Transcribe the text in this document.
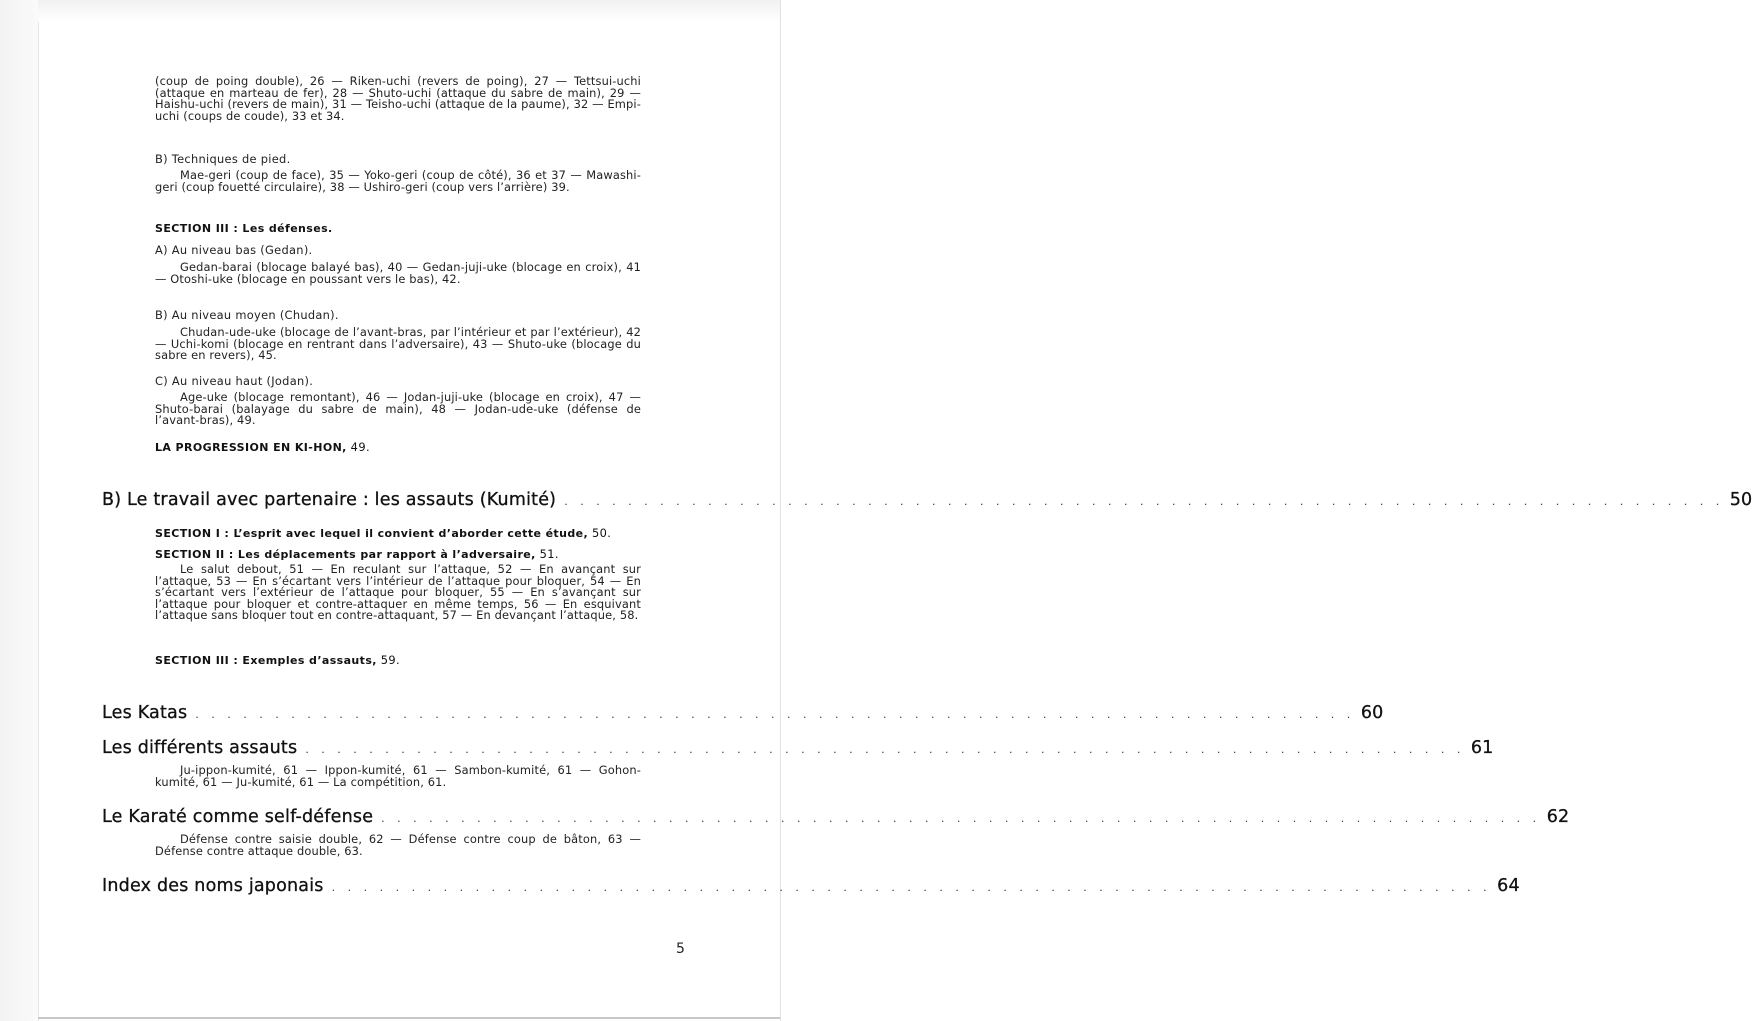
(coup de poing double), 26 — Riken-uchi (revers de poing), 27 — Tettsui-uchi (attaque en marteau de fer), 28 — Shuto-uchi (attaque du sabre de main), 29 — Haishu-uchi (revers de main), 31 — Teisho-uchi (attaque de la paume), 32 — Empi-uchi (coups de coude), 33 et 34.
B) Techniques de pied.
Mae-geri (coup de face), 35 — Yoko-geri (coup de côté), 36 et 37 — Mawashi-geri (coup fouetté circulaire), 38 — Ushiro-geri (coup vers l’arrière) 39.
SECTION III : Les défenses.
A) Au niveau bas (Gedan).
Gedan-barai (blocage balayé bas), 40 — Gedan-juji-uke (blocage en croix), 41 — Otoshi-uke (blocage en poussant vers le bas), 42.
B) Au niveau moyen (Chudan).
Chudan-ude-uke (blocage de l’avant-bras, par l’intérieur et par l’extérieur), 42 — Uchi-komi (blocage en rentrant dans l’adversaire), 43 — Shuto-uke (blocage du sabre en revers), 45.
C) Au niveau haut (Jodan).
Age-uke (blocage remontant), 46 — Jodan-juji-uke (blocage en croix), 47 — Shuto-barai (balayage du sabre de main), 48 — Jodan-ude-uke (défense de l’avant-bras), 49.
LA PROGRESSION EN KI-HON, 49.
B) Le travail avec partenaire : les assauts (Kumité) . . . . . . . . . . . . . . . . . . . . . . . . . . . . . . . . . . . . . . . . . . . . . . . . . . . . . . . . . . . . . . . . . . . . . . . . . 50
SECTION I : L’esprit avec lequel il convient d’aborder cette étude, 50.
SECTION II : Les déplacements par rapport à l’adversaire, 51.
Le salut debout, 51 — En reculant sur l’attaque, 52 — En avançant sur l’attaque, 53 — En s’écartant vers l’intérieur de l’attaque pour bloquer, 54 — En s’écartant vers l’extérieur de l’attaque pour bloquer, 55 — En s’avançant sur l’attaque pour bloquer et contre-attaquer en même temps, 56 — En esquivant l’attaque sans bloquer tout en contre-attaquant, 57 — En devançant l’attaque, 58.
SECTION III : Exemples d’assauts, 59.
Les Katas . . . . . . . . . . . . . . . . . . . . . . . . . . . . . . . . . . . . . . . . . . . . . . . . . . . . . . . . . . . . . . . . . . . . . . . . . 60
Les différents assauts . . . . . . . . . . . . . . . . . . . . . . . . . . . . . . . . . . . . . . . . . . . . . . . . . . . . . . . . . . . . . . . . . . . . . . . . . 61
Ju-ippon-kumité, 61 — Ippon-kumité, 61 — Sambon-kumité, 61 — Gohon-kumité, 61 — Ju-kumité, 61 — La compétition, 61.
Le Karaté comme self-défense . . . . . . . . . . . . . . . . . . . . . . . . . . . . . . . . . . . . . . . . . . . . . . . . . . . . . . . . . . . . . . . . . . . . . . . . . 62
Défense contre saisie double, 62 — Défense contre coup de bâton, 63 — Défense contre attaque double, 63.
Index des noms japonais . . . . . . . . . . . . . . . . . . . . . . . . . . . . . . . . . . . . . . . . . . . . . . . . . . . . . . . . . . . . . . . . . . . . . . . . . 64
5
